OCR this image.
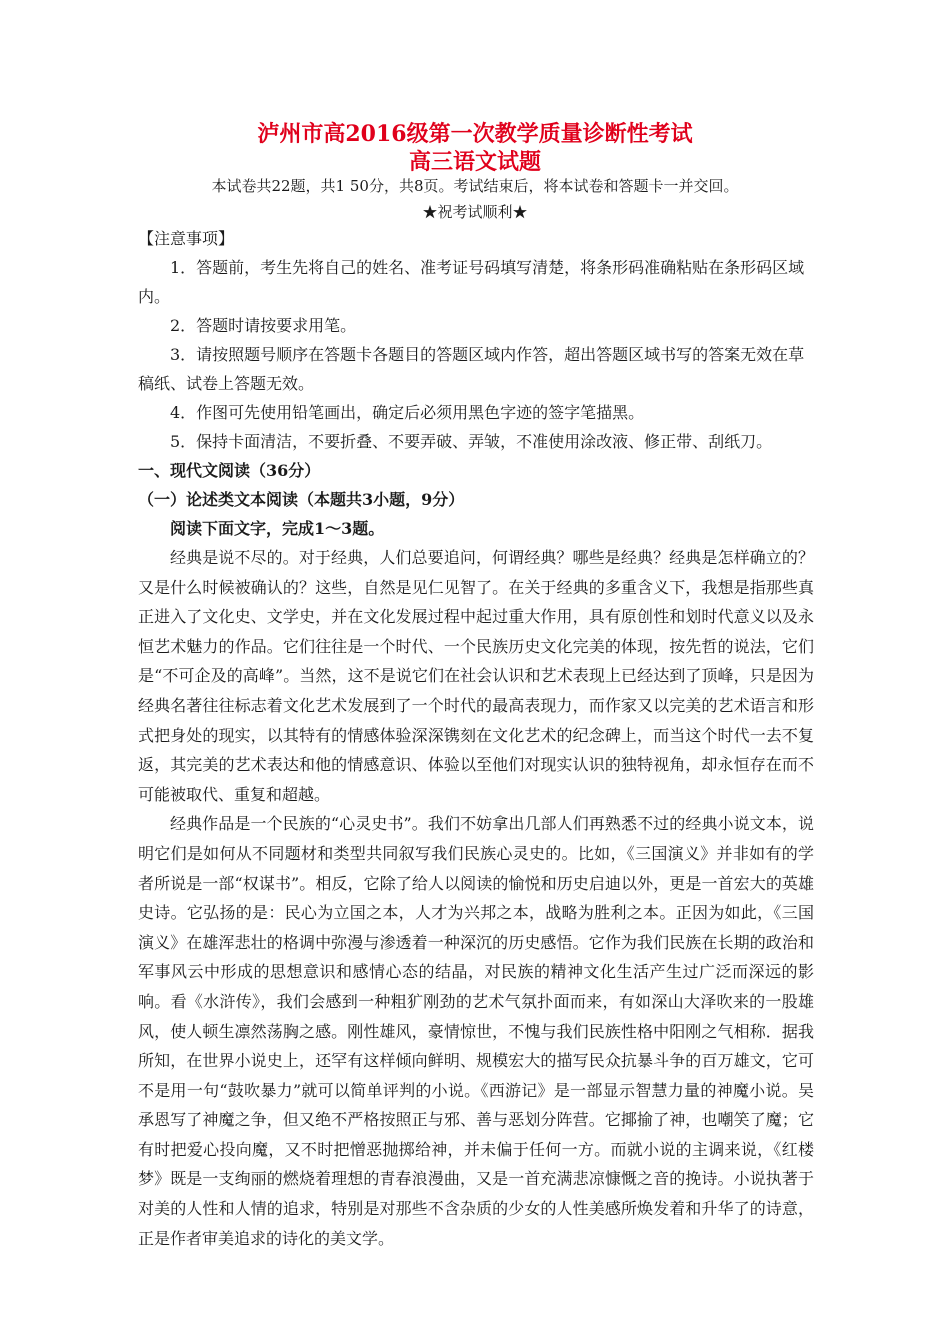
泸州市高2016级第一次教学质量诊断性考试
高三语文试题
本试卷共22题，共1 50分，共8页。考试结束后，将本试卷和答题卡一并交回。
★祝考试顺利★

【注意事项】

1．答题前，考生先将自己的姓名、准考证号码填写清楚，将条形码准确粘贴在条形码区域内。

2．答题时请按要求用笔。

3．请按照题号顺序在答题卡各题目的答题区域内作答，超出答题区域书写的答案无效在草稿纸、试卷上答题无效。

4．作图可先使用铅笔画出，确定后必须用黑色字迹的签字笔描黑。

5．保持卡面清洁，不要折叠、不要弄破、弄皱，不准使用涂改液、修正带、刮纸刀。

一、现代文阅读（36分）

（一）论述类文本阅读（本题共3小题，9分）

阅读下面文字，完成1～3题。

经典是说不尽的。对于经典，人们总要追问，何谓经典？哪些是经典？经典是怎样确立的？又是什么时候被确认的？这些，自然是见仁见智了。在关于经典的多重含义下，我想是指那些真正进入了文化史、文学史，并在文化发展过程中起过重大作用，具有原创性和划时代意义以及永恒艺术魅力的作品。它们往往是一个时代、一个民族历史文化完美的体现，按先哲的说法，它们是“不可企及的高峰”。当然，这不是说它们在社会认识和艺术表现上已经达到了顶峰，只是因为经典名著往往标志着文化艺术发展到了一个时代的最高表现力，而作家又以完美的艺术语言和形式把身处的现实，以其特有的情感体验深深镌刻在文化艺术的纪念碑上，而当这个时代一去不复返，其完美的艺术表达和他的情感意识、体验以至他们对现实认识的独特视角，却永恒存在而不可能被取代、重复和超越。

经典作品是一个民族的“心灵史书”。我们不妨拿出几部人们再熟悉不过的经典小说文本，说明它们是如何从不同题材和类型共同叙写我们民族心灵史的。比如，《三国演义》并非如有的学者所说是一部“权谋书”。相反，它除了给人以阅读的愉悦和历史启迪以外，更是一首宏大的英雄史诗。它弘扬的是：民心为立国之本，人才为兴邦之本，战略为胜利之本。正因为如此，《三国演义》在雄浑悲壮的格调中弥漫与渗透着一种深沉的历史感悟。它作为我们民族在长期的政治和军事风云中形成的思想意识和感情心态的结晶，对民族的精神文化生活产生过广泛而深远的影响。看《水浒传》，我们会感到一种粗犷刚劲的艺术气氛扑面而来，有如深山大泽吹来的一股雄风，使人顿生凛然荡胸之感。刚性雄风，豪情惊世，不愧与我们民族性格中阳刚之气相称．据我所知，在世界小说史上，还罕有这样倾向鲜明、规模宏大的描写民众抗暴斗争的百万雄文，它可不是用一句“鼓吹暴力”就可以简单评判的小说。《西游记》是一部显示智慧力量的神魔小说。吴承恩写了神魔之争，但又绝不严格按照正与邪、善与恶划分阵营。它揶揄了神，也嘲笑了魔；它有时把爱心投向魔，又不时把憎恶抛掷给神，并未偏于任何一方。而就小说的主调来说，《红楼梦》既是一支绚丽的燃烧着理想的青春浪漫曲，又是一首充满悲凉慷慨之音的挽诗。小说执著于对美的人性和人情的追求，特别是对那些不含杂质的少女的人性美感所焕发着和升华了的诗意，正是作者审美追求的诗化的美文学。
